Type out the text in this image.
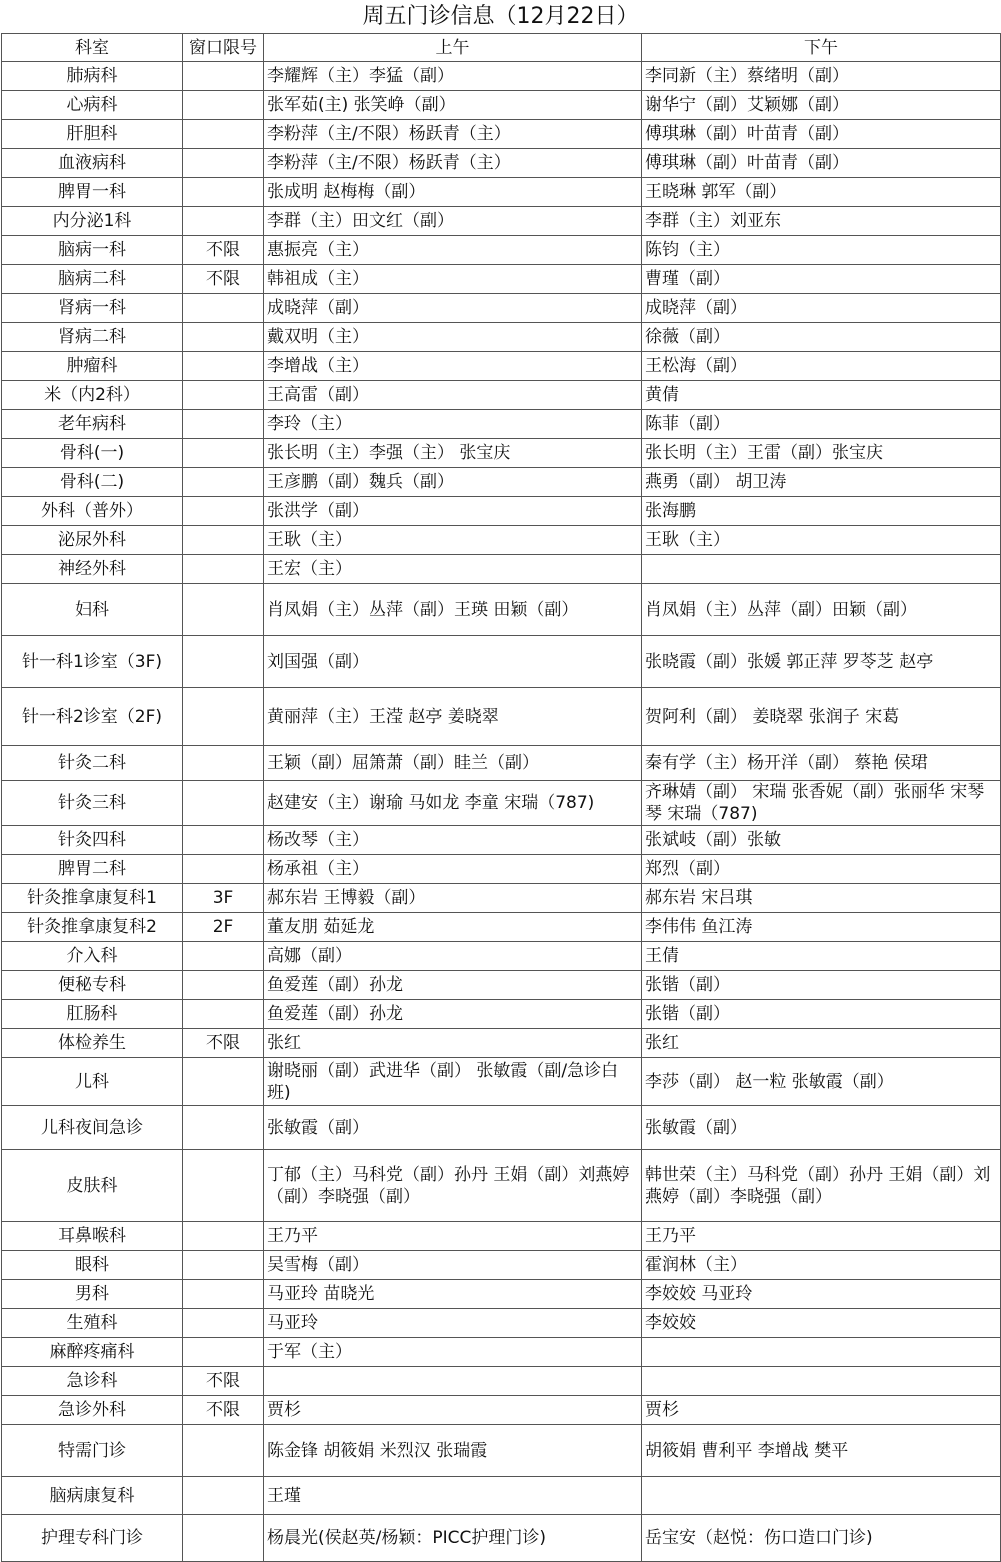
周五门诊信息（12月22日）
科室	窗口限号	上午	下午
肺病科		李耀辉（主）李猛（副）	李同新（主）蔡绪明（副）
心病科		张军茹(主) 张笑峥（副）	谢华宁（副）艾颖娜（副）
肝胆科		李粉萍（主/不限）杨跃青（主）	傅琪琳（副）叶苗青（副）
血液病科		李粉萍（主/不限）杨跃青（主）	傅琪琳（副）叶苗青（副）
脾胃一科		张成明 赵梅梅（副）	王晓琳 郭军（副）
内分泌1科		李群（主）田文红（副）	李群（主）刘亚东
脑病一科	不限	惠振亮（主）	陈钧（主）
脑病二科	不限	韩祖成（主）	曹瑾（副）
肾病一科		成晓萍（副）	成晓萍（副）
肾病二科		戴双明（主）	徐薇（副）
肿瘤科		李增战（主）	王松海（副）
米（内2科）		王高雷（副）	黄倩
老年病科		李玲（主）	陈菲（副）
骨科(一)		张长明（主）李强（主） 张宝庆	张长明（主）王雷（副）张宝庆
骨科(二)		王彦鹏（副）魏兵（副）	燕勇（副） 胡卫涛
外科（普外）		张洪学（副）	张海鹏
泌尿外科		王耿（主）	王耿（主）
神经外科		王宏（主）	
妇科		肖凤娟（主）丛萍（副）王瑛 田颖（副）	肖凤娟（主）丛萍（副）田颖（副）
针一科1诊室（3F)		刘国强（副）	张晓霞（副）张媛 郭正萍 罗苓芝 赵亭
针一科2诊室（2F)		黄丽萍（主）王滢 赵亭 姜晓翠	贺阿利（副） 姜晓翠 张润子 宋葛
针灸二科		王颖（副）屈箫萧（副）眭兰（副）	秦有学（主）杨开洋（副） 蔡艳 侯珺
针灸三科		赵建安（主）谢瑜 马如龙 李童 宋瑞（787)	齐琳婧（副） 宋瑞 张香妮（副）张丽华 宋琴琴 宋瑞（787)
针灸四科		杨改琴（主）	张斌岐（副）张敏
脾胃二科		杨承祖（主）	郑烈（副）
针灸推拿康复科1	3F	郝东岩 王博毅（副）	郝东岩 宋吕琪
针灸推拿康复科2	2F	董友朋 茹延龙	李伟伟 鱼江涛
介入科		高娜（副）	王倩
便秘专科		鱼爱莲（副）孙龙	张锴（副）
肛肠科		鱼爱莲（副）孙龙	张锴（副）
体检养生	不限	张红	张红
儿科		谢晓丽（副）武进华（副） 张敏霞（副/急诊白班)	李莎（副） 赵一粒 张敏霞（副）
儿科夜间急诊		张敏霞（副）	张敏霞（副）
皮肤科		丁郁（主）马科党（副）孙丹 王娟（副）刘燕婷（副）李晓强（副）	韩世荣（主）马科党（副）孙丹 王娟（副）刘燕婷（副）李晓强（副）
耳鼻喉科		王乃平	王乃平
眼科		吴雪梅（副）	霍润林（主）
男科		马亚玲 苗晓光	李姣姣 马亚玲
生殖科		马亚玲	李姣姣
麻醉疼痛科		于军（主）	
急诊科	不限		
急诊外科	不限	贾杉	贾杉
特需门诊		陈金锋 胡筱娟 米烈汉 张瑞霞	胡筱娟 曹利平 李增战 樊平
脑病康复科		王瑾	
护理专科门诊		杨晨光(侯赵英/杨颖：PICC护理门诊)	岳宝安（赵悦：伤口造口门诊)
